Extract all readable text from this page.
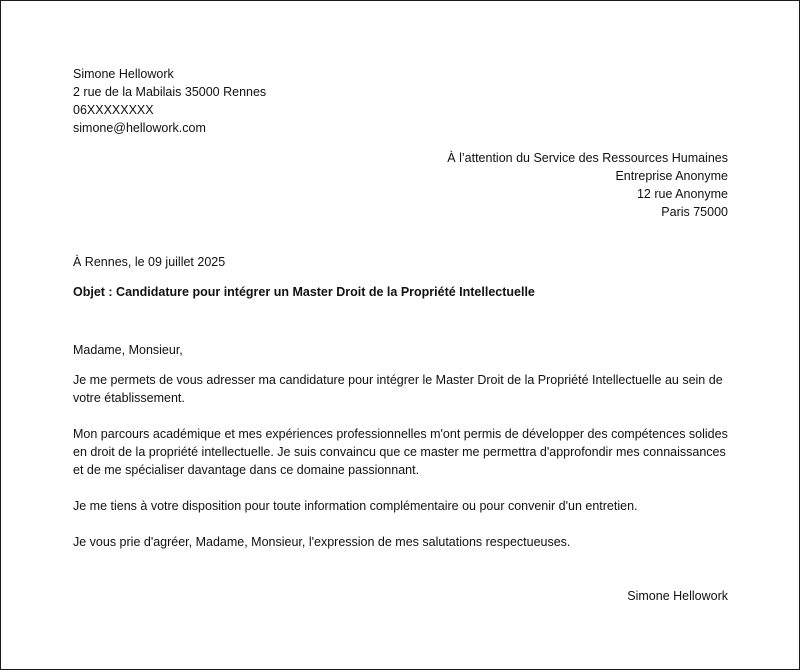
Simone Hellowork
2 rue de la Mabilais 35000 Rennes
06XXXXXXXX
simone@hellowork.com
À l’attention du Service des Ressources Humaines
Entreprise Anonyme
12 rue Anonyme
Paris 75000
À Rennes, le 09 juillet 2025
Objet : Candidature pour intégrer un Master Droit de la Propriété Intellectuelle
Madame, Monsieur,
Je me permets de vous adresser ma candidature pour intégrer le Master Droit de la Propriété Intellectuelle au sein de votre établissement.
Mon parcours académique et mes expériences professionnelles m'ont permis de développer des compétences solides en droit de la propriété intellectuelle. Je suis convaincu que ce master me permettra d'approfondir mes connaissances et de me spécialiser davantage dans ce domaine passionnant.
Je me tiens à votre disposition pour toute information complémentaire ou pour convenir d'un entretien.
Je vous prie d'agréer, Madame, Monsieur, l'expression de mes salutations respectueuses.
Simone Hellowork
